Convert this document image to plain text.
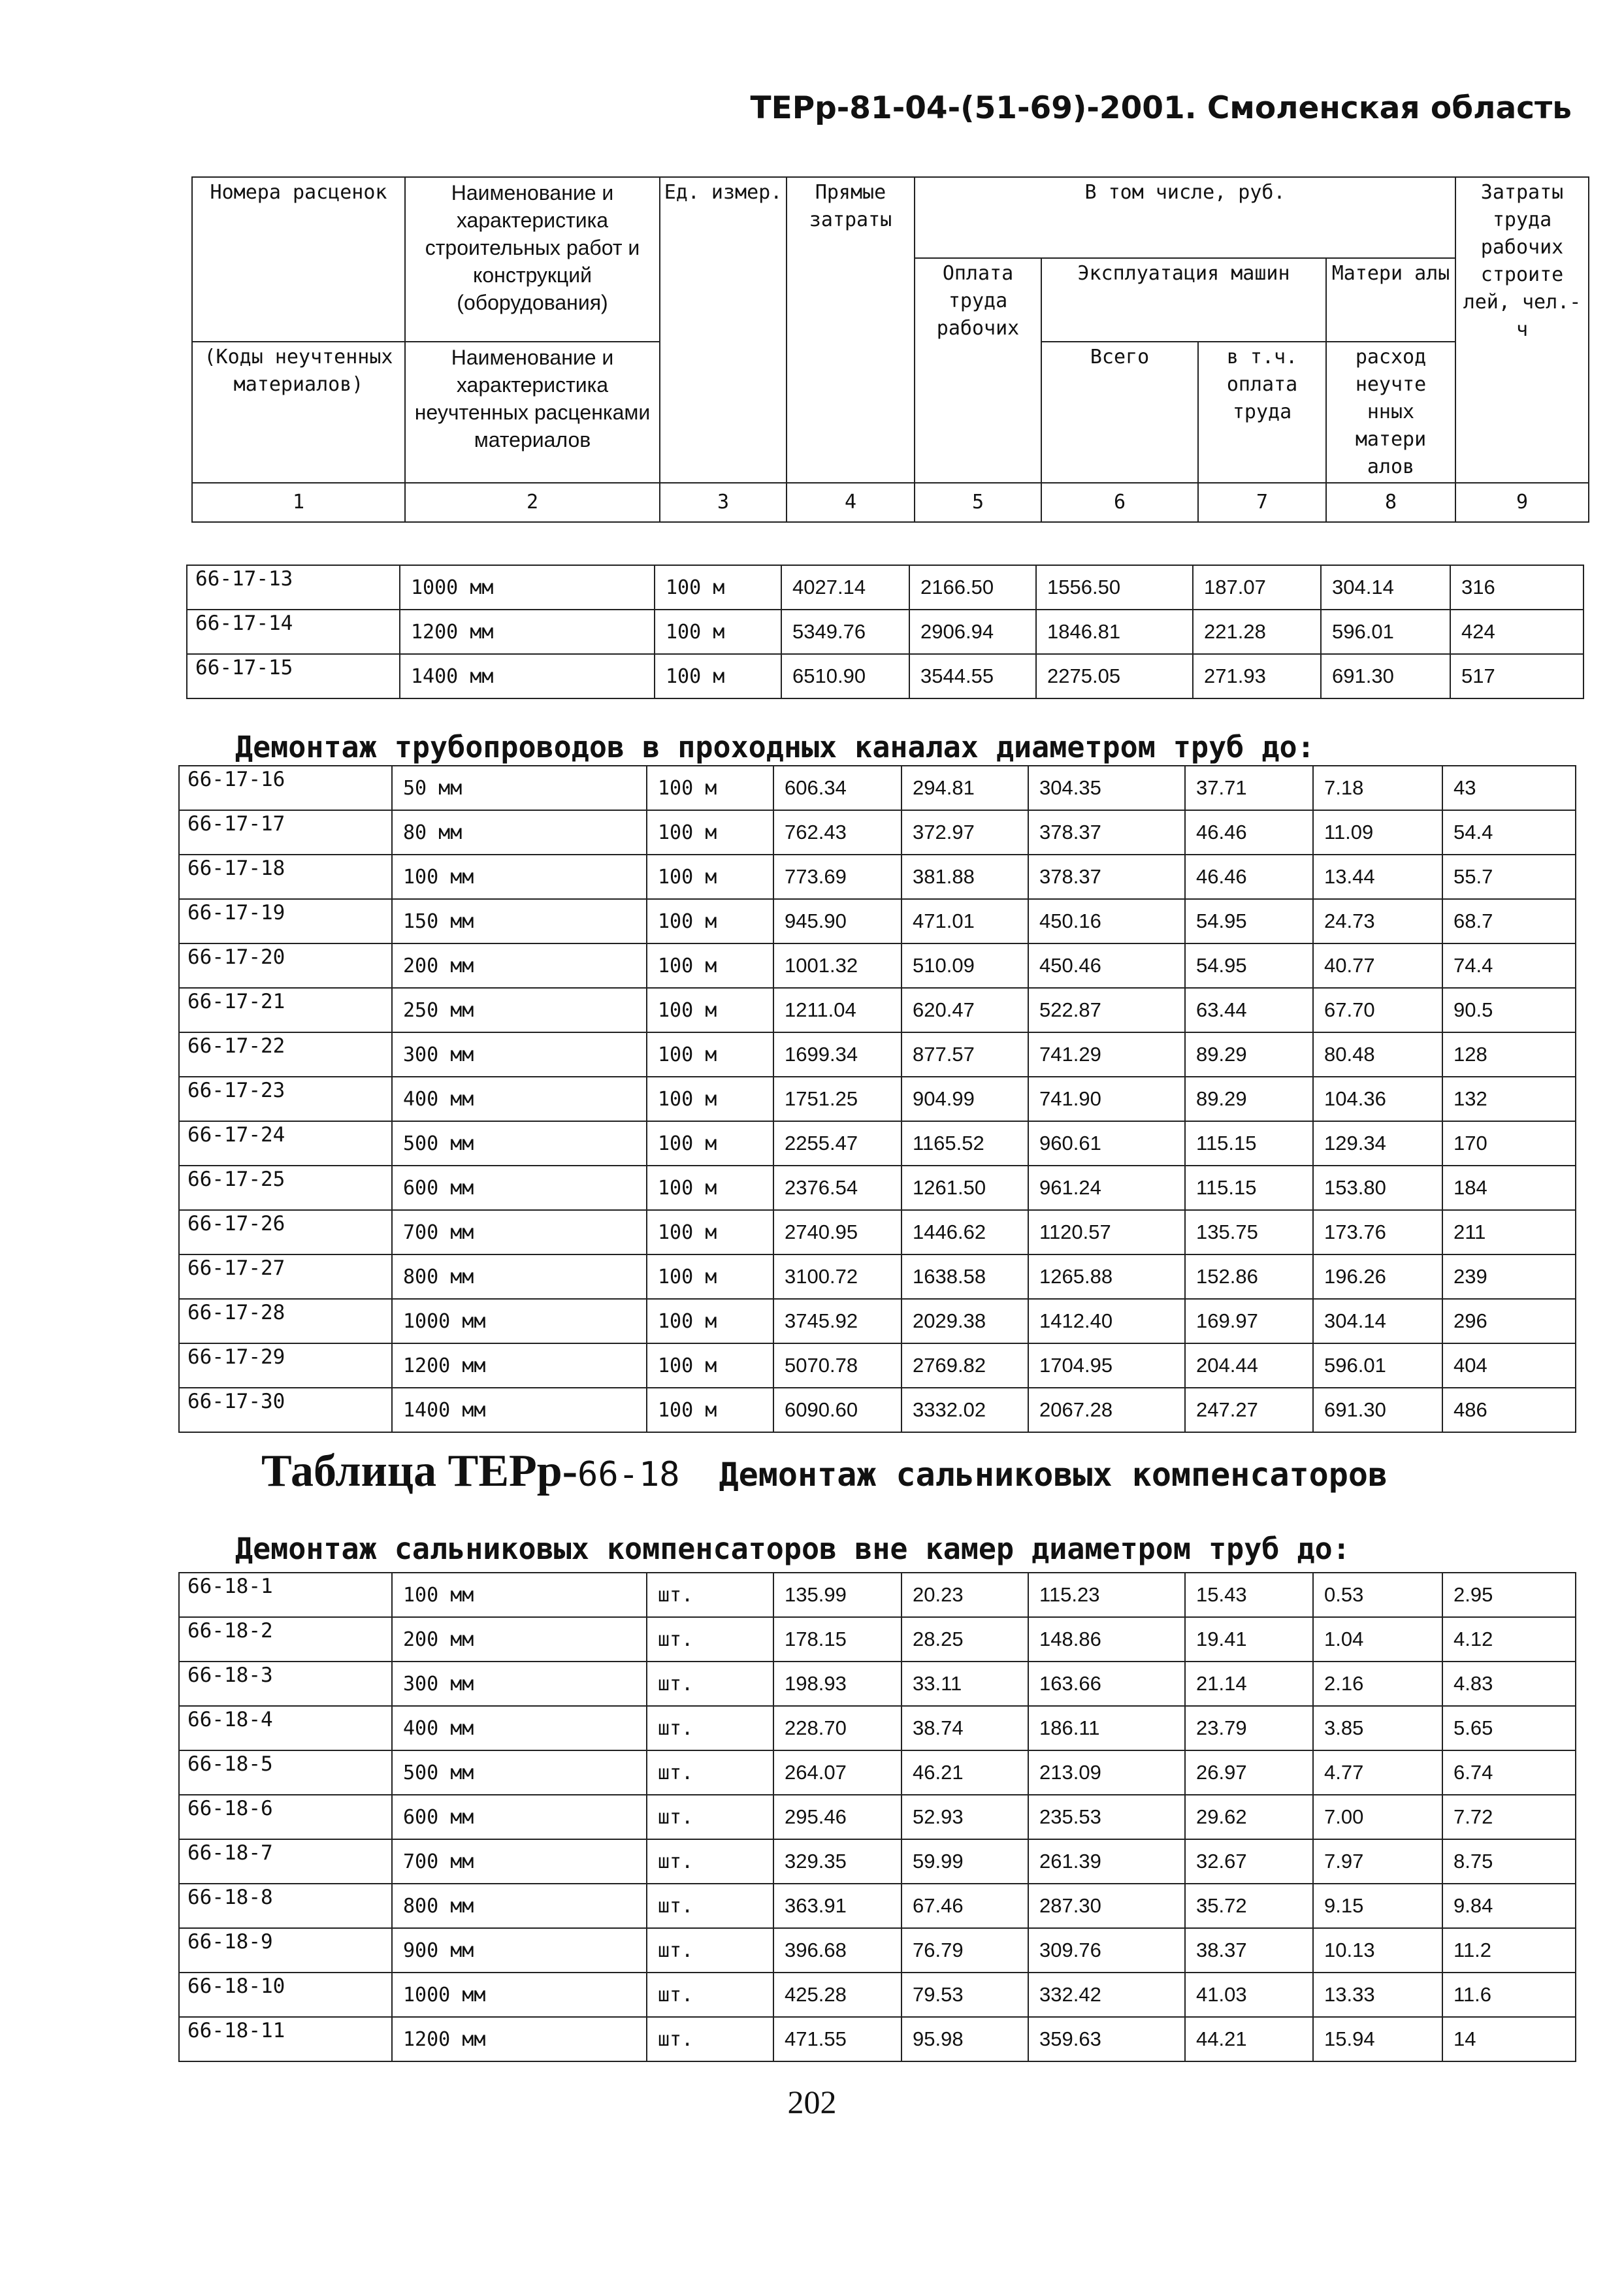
ТЕРр-81-04-(51-69)-2001. Смоленская область
Номера расценок	Наименование и характеристика строительных работ и конструкций (оборудования)	Ед. измер.	Прямые затраты	В том числе, руб.				Затраты труда рабочих строите лей, чел.-ч
				Оплата труда рабочих	Эксплуатация машин		Матери алы	
(Коды неучтенных материалов)	Наименование и характеристика неучтенных расценками материалов				Всего	в т.ч. оплата труда	расход неучте нных матери алов	
1	2	3	4	5	6	7	8	9
66-17-13	1000 мм	100 м	4027.14	2166.50	1556.50	187.07	304.14	316
66-17-14	1200 мм	100 м	5349.76	2906.94	1846.81	221.28	596.01	424
66-17-15	1400 мм	100 м	6510.90	3544.55	2275.05	271.93	691.30	517
Демонтаж трубопроводов в проходных каналах диаметром труб до:
66-17-16	50 мм	100 м	606.34	294.81	304.35	37.71	7.18	43
66-17-17	80 мм	100 м	762.43	372.97	378.37	46.46	11.09	54.4
66-17-18	100 мм	100 м	773.69	381.88	378.37	46.46	13.44	55.7
66-17-19	150 мм	100 м	945.90	471.01	450.16	54.95	24.73	68.7
66-17-20	200 мм	100 м	1001.32	510.09	450.46	54.95	40.77	74.4
66-17-21	250 мм	100 м	1211.04	620.47	522.87	63.44	67.70	90.5
66-17-22	300 мм	100 м	1699.34	877.57	741.29	89.29	80.48	128
66-17-23	400 мм	100 м	1751.25	904.99	741.90	89.29	104.36	132
66-17-24	500 мм	100 м	2255.47	1165.52	960.61	115.15	129.34	170
66-17-25	600 мм	100 м	2376.54	1261.50	961.24	115.15	153.80	184
66-17-26	700 мм	100 м	2740.95	1446.62	1120.57	135.75	173.76	211
66-17-27	800 мм	100 м	3100.72	1638.58	1265.88	152.86	196.26	239
66-17-28	1000 мм	100 м	3745.92	2029.38	1412.40	169.97	304.14	296
66-17-29	1200 мм	100 м	5070.78	2769.82	1704.95	204.44	596.01	404
66-17-30	1400 мм	100 м	6090.60	3332.02	2067.28	247.27	691.30	486
Таблица ТЕРр-66-18 Демонтаж сальниковых компенсаторов
Демонтаж сальниковых компенсаторов вне камер диаметром труб до:
66-18-1	100 мм	шт.	135.99	20.23	115.23	15.43	0.53	2.95
66-18-2	200 мм	шт.	178.15	28.25	148.86	19.41	1.04	4.12
66-18-3	300 мм	шт.	198.93	33.11	163.66	21.14	2.16	4.83
66-18-4	400 мм	шт.	228.70	38.74	186.11	23.79	3.85	5.65
66-18-5	500 мм	шт.	264.07	46.21	213.09	26.97	4.77	6.74
66-18-6	600 мм	шт.	295.46	52.93	235.53	29.62	7.00	7.72
66-18-7	700 мм	шт.	329.35	59.99	261.39	32.67	7.97	8.75
66-18-8	800 мм	шт.	363.91	67.46	287.30	35.72	9.15	9.84
66-18-9	900 мм	шт.	396.68	76.79	309.76	38.37	10.13	11.2
66-18-10	1000 мм	шт.	425.28	79.53	332.42	41.03	13.33	11.6
66-18-11	1200 мм	шт.	471.55	95.98	359.63	44.21	15.94	14
202
